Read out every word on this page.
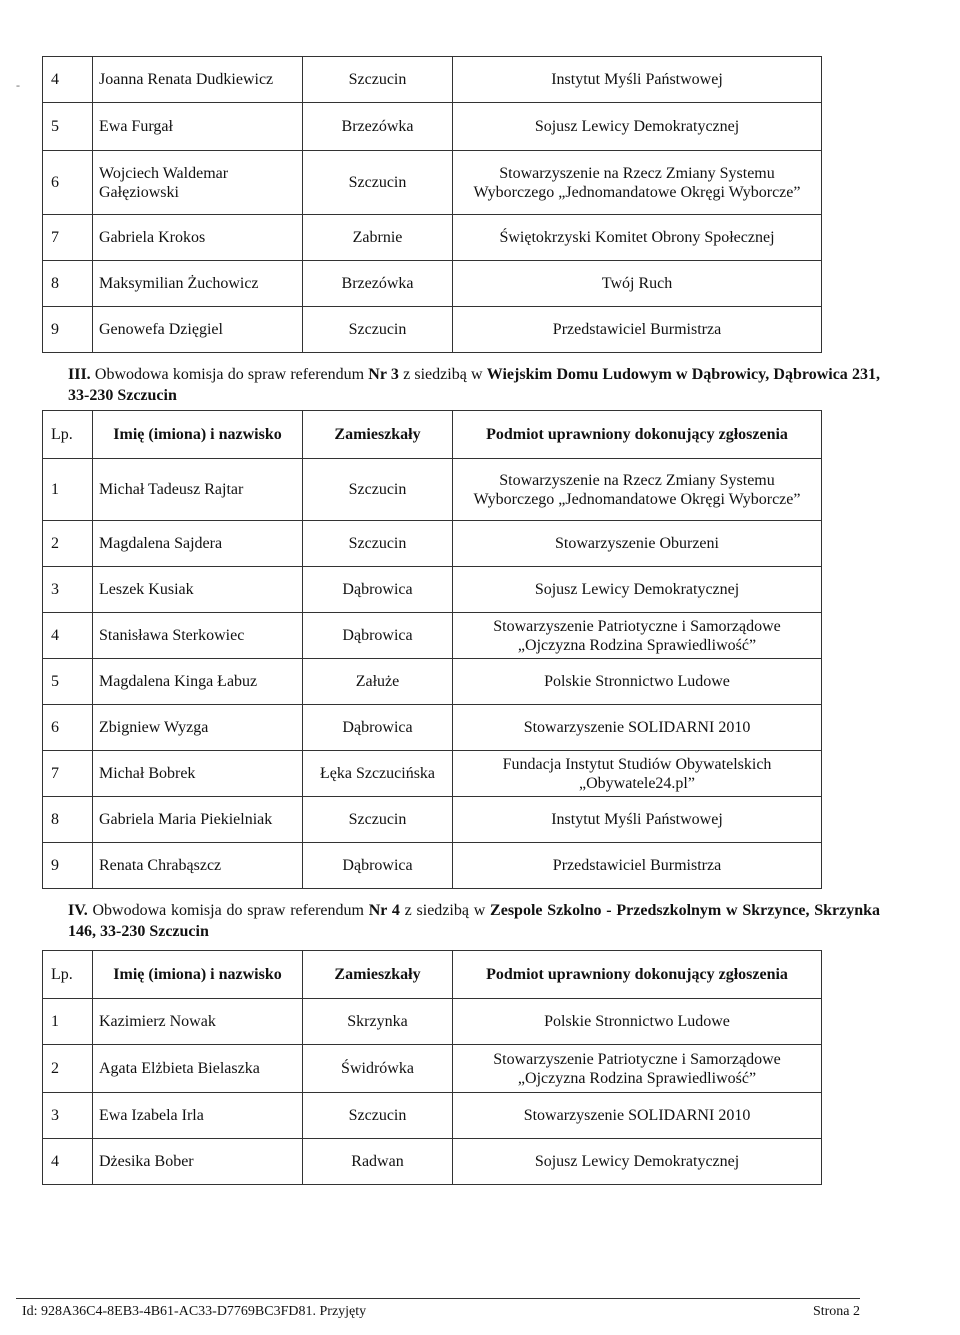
- 4	Joanna Renata Dudkiewicz	Szczucin	Instytut Myśli Państwowej
5	Ewa Furgał	Brzezówka	Sojusz Lewicy Demokratycznej
6	Wojciech Waldemar Gałęziowski	Szczucin	Stowarzyszenie na Rzecz Zmiany Systemu Wyborczego „Jednomandatowe Okręgi Wyborcze”
7	Gabriela Krokos	Zabrnie	Świętokrzyski Komitet Obrony Społecznej
8	Maksymilian Żuchowicz	Brzezówka	Twój Ruch
9	Genowefa Dzięgiel	Szczucin	Przedstawiciel Burmistrza
III. Obwodowa komisja do spraw referendum Nr 3 z siedzibą w Wiejskim Domu Ludowym w Dąbrowicy, Dąbrowica 231, 33-230 Szczucin
Lp.	Imię (imiona) i nazwisko	Zamieszkały	Podmiot uprawniony dokonujący zgłoszenia
1	Michał Tadeusz Rajtar	Szczucin	Stowarzyszenie na Rzecz Zmiany Systemu Wyborczego „Jednomandatowe Okręgi Wyborcze”
2	Magdalena Sajdera	Szczucin	Stowarzyszenie Oburzeni
3	Leszek Kusiak	Dąbrowica	Sojusz Lewicy Demokratycznej
4	Stanisława Sterkowiec	Dąbrowica	Stowarzyszenie Patriotyczne i Samorządowe „Ojczyzna Rodzina Sprawiedliwość”
5	Magdalena Kinga Łabuz	Załuże	Polskie Stronnictwo Ludowe
6	Zbigniew Wyzga	Dąbrowica	Stowarzyszenie SOLIDARNI 2010
7	Michał Bobrek	Łęka Szczucińska	Fundacja Instytut Studiów Obywatelskich „Obywatele24.pl”
8	Gabriela Maria Piekielniak	Szczucin	Instytut Myśli Państwowej
9	Renata Chrabąszcz	Dąbrowica	Przedstawiciel Burmistrza
IV. Obwodowa komisja do spraw referendum Nr 4 z siedzibą w Zespole Szkolno - Przedszkolnym w Skrzynce, Skrzynka 146, 33-230 Szczucin
Lp.	Imię (imiona) i nazwisko	Zamieszkały	Podmiot uprawniony dokonujący zgłoszenia
1	Kazimierz Nowak	Skrzynka	Polskie Stronnictwo Ludowe
2	Agata Elżbieta Bielaszka	Świdrówka	Stowarzyszenie Patriotyczne i Samorządowe „Ojczyzna Rodzina Sprawiedliwość”
3	Ewa Izabela Irla	Szczucin	Stowarzyszenie SOLIDARNI 2010
4	Dżesika Bober	Radwan	Sojusz Lewicy Demokratycznej
Id: 928A36C4-8EB3-4B61-AC33-D7769BC3FD81. Przyjęty	Strona 2
